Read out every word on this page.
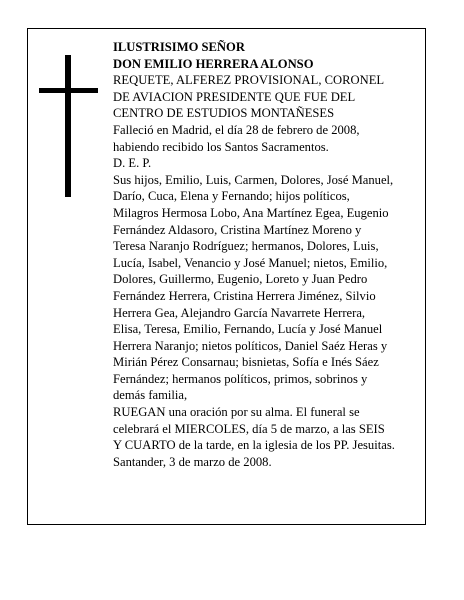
ILUSTRISIMO SEÑOR
DON EMILIO HERRERA ALONSO
REQUETE, ALFEREZ PROVISIONAL, CORONEL
DE AVIACION PRESIDENTE QUE FUE DEL
CENTRO DE ESTUDIOS MONTAÑESES
Falleció en Madrid, el día 28 de febrero de 2008,
habiendo recibido los Santos Sacramentos.
D. E. P.
Sus hijos, Emilio, Luis, Carmen, Dolores, José Manuel,
Darío, Cuca, Elena y Fernando; hijos políticos,
Milagros Hermosa Lobo, Ana Martínez Egea, Eugenio
Fernández Aldasoro, Cristina Martínez Moreno y
Teresa Naranjo Rodríguez; hermanos, Dolores, Luis,
Lucía, Isabel, Venancio y José Manuel; nietos, Emilio,
Dolores, Guillermo, Eugenio, Loreto y Juan Pedro
Fernández Herrera, Cristina Herrera Jiménez, Silvio
Herrera Gea, Alejandro García Navarrete Herrera,
Elisa, Teresa, Emilio, Fernando, Lucía y José Manuel
Herrera Naranjo; nietos políticos, Daniel Saéz Heras y
Mirián Pérez Consarnau; bisnietas, Sofía e Inés Sáez
Fernández; hermanos políticos, primos, sobrinos y
demás familia,
RUEGAN una oración por su alma. El funeral se
celebrará el MIERCOLES, día 5 de marzo, a las SEIS
Y CUARTO de la tarde, en la iglesia de los PP. Jesuitas.
Santander, 3 de marzo de 2008.
